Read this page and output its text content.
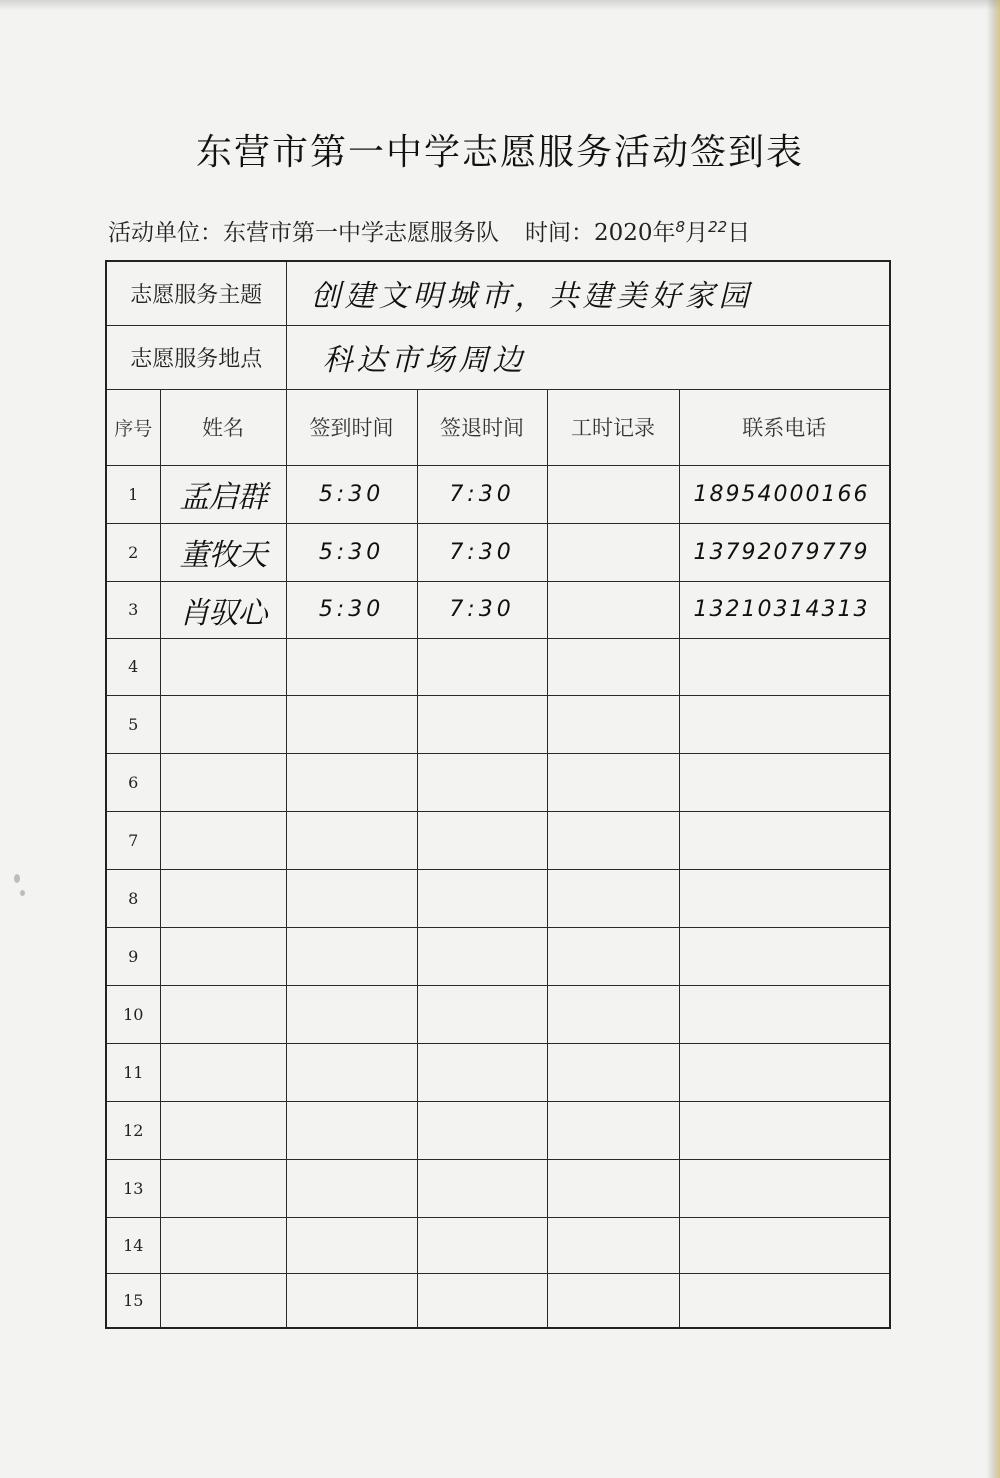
东营市第一中学志愿服务活动签到表
活动单位：东营市第一中学志愿服务队 时间：2020年$^8$月$^{22}$日
志愿服务主题		创建文明城市，共建美好家园			
志愿服务地点		科达市场周边			
序号	姓名	签到时间	签退时间	工时记录	联系电话
1	孟启群	5:30	7:30		18954000166
2	董牧天	5:30	7:30		13792079779
3	肖驭心	5:30	7:30		13210314313
4					
5					
6					
7					
8					
9					
10					
11					
12					
13					
14					
15					
